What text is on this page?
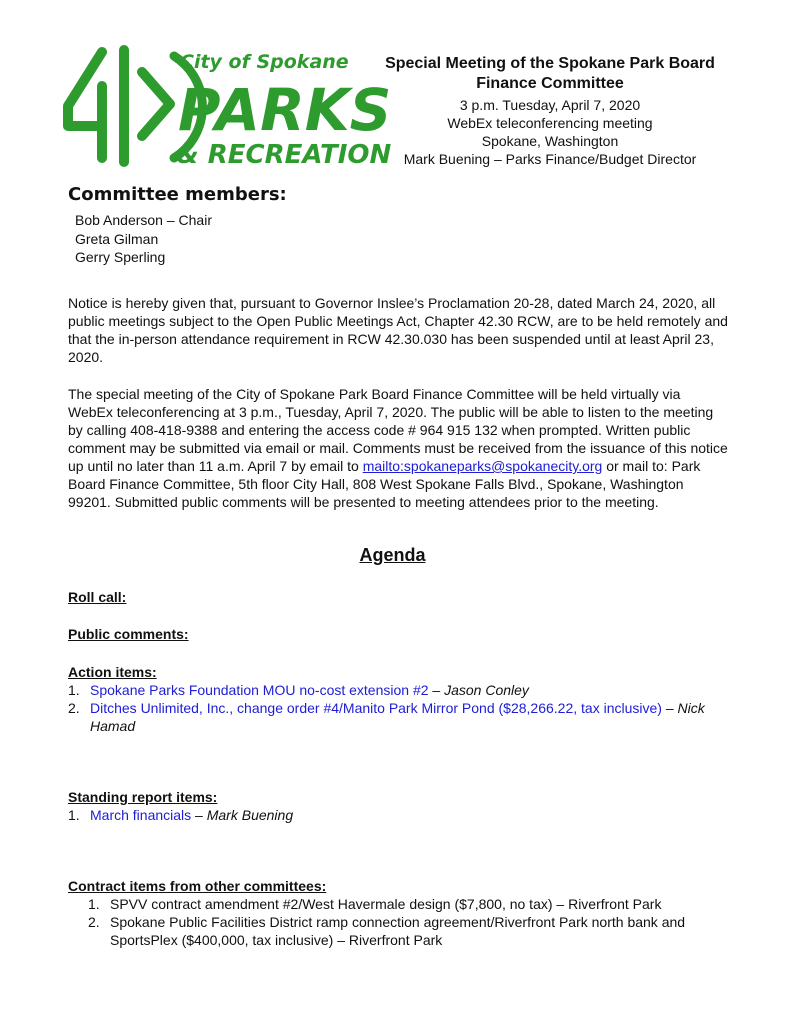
City of Spokane
PARKS
& RECREATION
Special Meeting of the Spokane Park Board
Finance Committee
3 p.m. Tuesday, April 7, 2020
WebEx teleconferencing meeting
Spokane, Washington
Mark Buening – Parks Finance/Budget Director
Committee members:
Bob Anderson – Chair
Greta Gilman
Gerry Sperling

Notice is hereby given that, pursuant to Governor Inslee’s Proclamation 20-28, dated March 24, 2020, all public meetings subject to the Open Public Meetings Act, Chapter 42.30 RCW, are to be held remotely and that the in-person attendance requirement in RCW 42.30.030 has been suspended until at least April 23, 2020.

The special meeting of the City of Spokane Park Board Finance Committee will be held virtually via WebEx teleconferencing at 3 p.m., Tuesday, April 7, 2020. The public will be able to listen to the meeting by calling 408-418-9388 and entering the access code # 964 915 132 when prompted. Written public comment may be submitted via email or mail. Comments must be received from the issuance of this notice up until no later than 11 a.m. April 7 by email to mailto:spokaneparks@spokanecity.org or mail to: Park Board Finance Committee, 5th floor City Hall, 808 West Spokane Falls Blvd., Spokane, Washington 99201. Submitted public comments will be presented to meeting attendees prior to the meeting.

Agenda
Roll call:
Public comments:
Action items:
1. Spokane Parks Foundation MOU no-cost extension #2 – Jason Conley
2. Ditches Unlimited, Inc., change order #4/Manito Park Mirror Pond ($28,266.22, tax inclusive) – Nick Hamad
Standing report items:
1. March financials – Mark Buening
Contract items from other committees:
1. SPVV contract amendment #2/West Havermale design ($7,800, no tax) – Riverfront Park
2. Spokane Public Facilities District ramp connection agreement/Riverfront Park north bank and SportsPlex ($400,000, tax inclusive) – Riverfront Park
